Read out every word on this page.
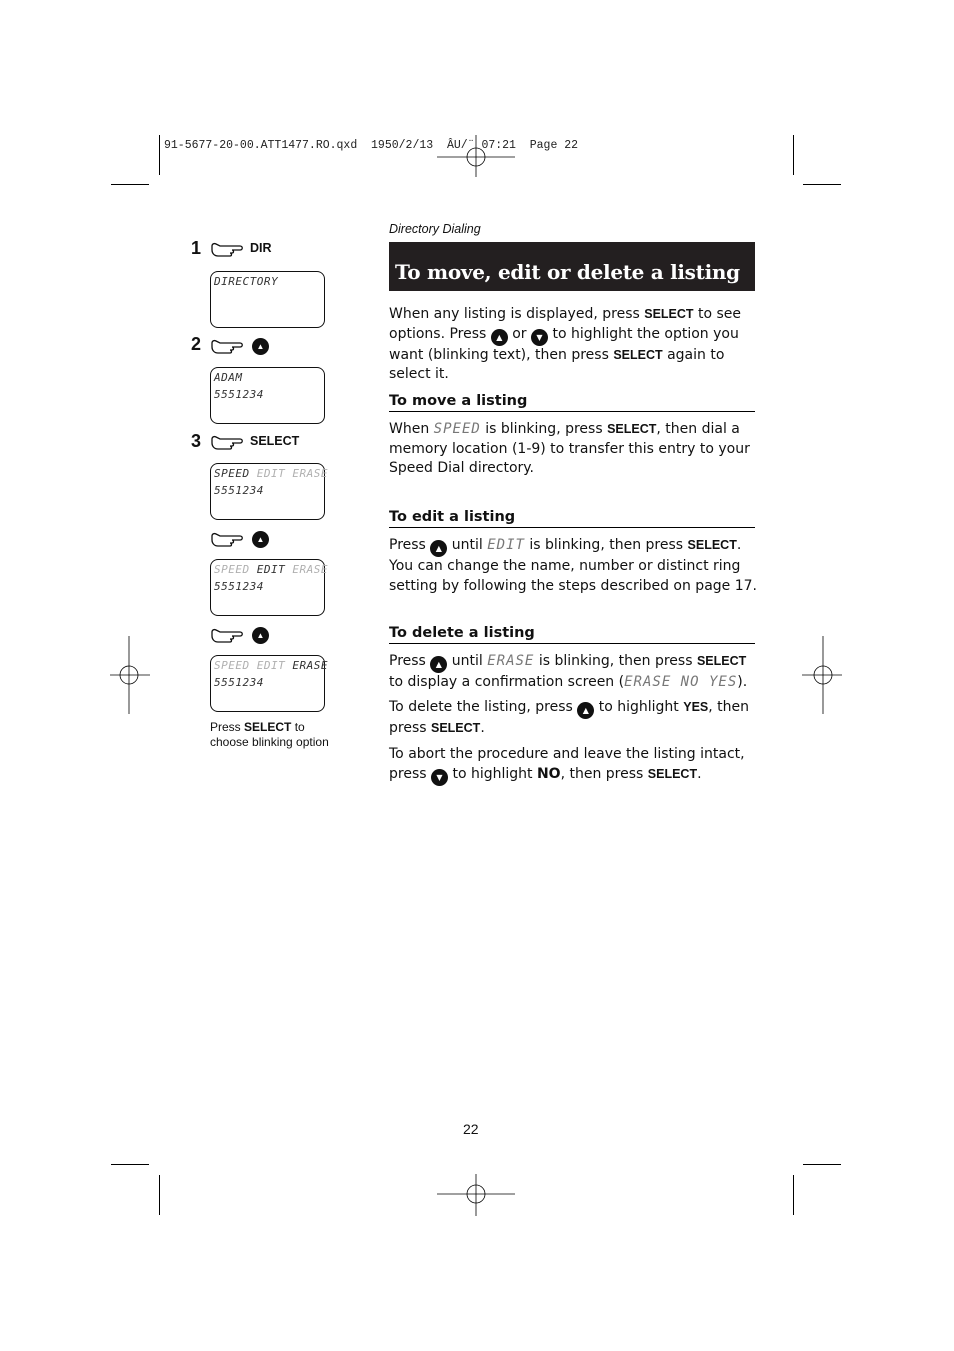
91-5677-20-00.ATT1477.RO.qxd  1950/2/13  ÂU/¨ 07:21  Page 22
1	DIR
DIRECTORY
2	▲
ADAM
5551234
3	SELECT
SPEED EDIT ERASE
5551234
▲
SPEED EDIT ERASE
5551234
▲
SPEED EDIT ERASE
5551234
Press SELECT to
choose blinking option
Directory Dialing
To move, edit or delete a listing
When any listing is displayed, press SELECT to see options. Press ▲ or ▼ to highlight the option you want (blinking text), then press SELECT again to select it.
To move a listing
When SPEED is blinking, press SELECT, then dial a memory location (1-9) to transfer this entry to your Speed Dial directory.
To edit a listing
Press ▲ until EDIT is blinking, then press SELECT. You can change the name, number or distinct ring setting by following the steps described on page 17.
To delete a listing
Press ▲ until ERASE is blinking, then press SELECT to display a confirmation screen (ERASE NO YES).
To delete the listing, press ▲ to highlight YES, then press SELECT.
To abort the procedure and leave the listing intact, press ▼ to highlight NO, then press SELECT.
22
